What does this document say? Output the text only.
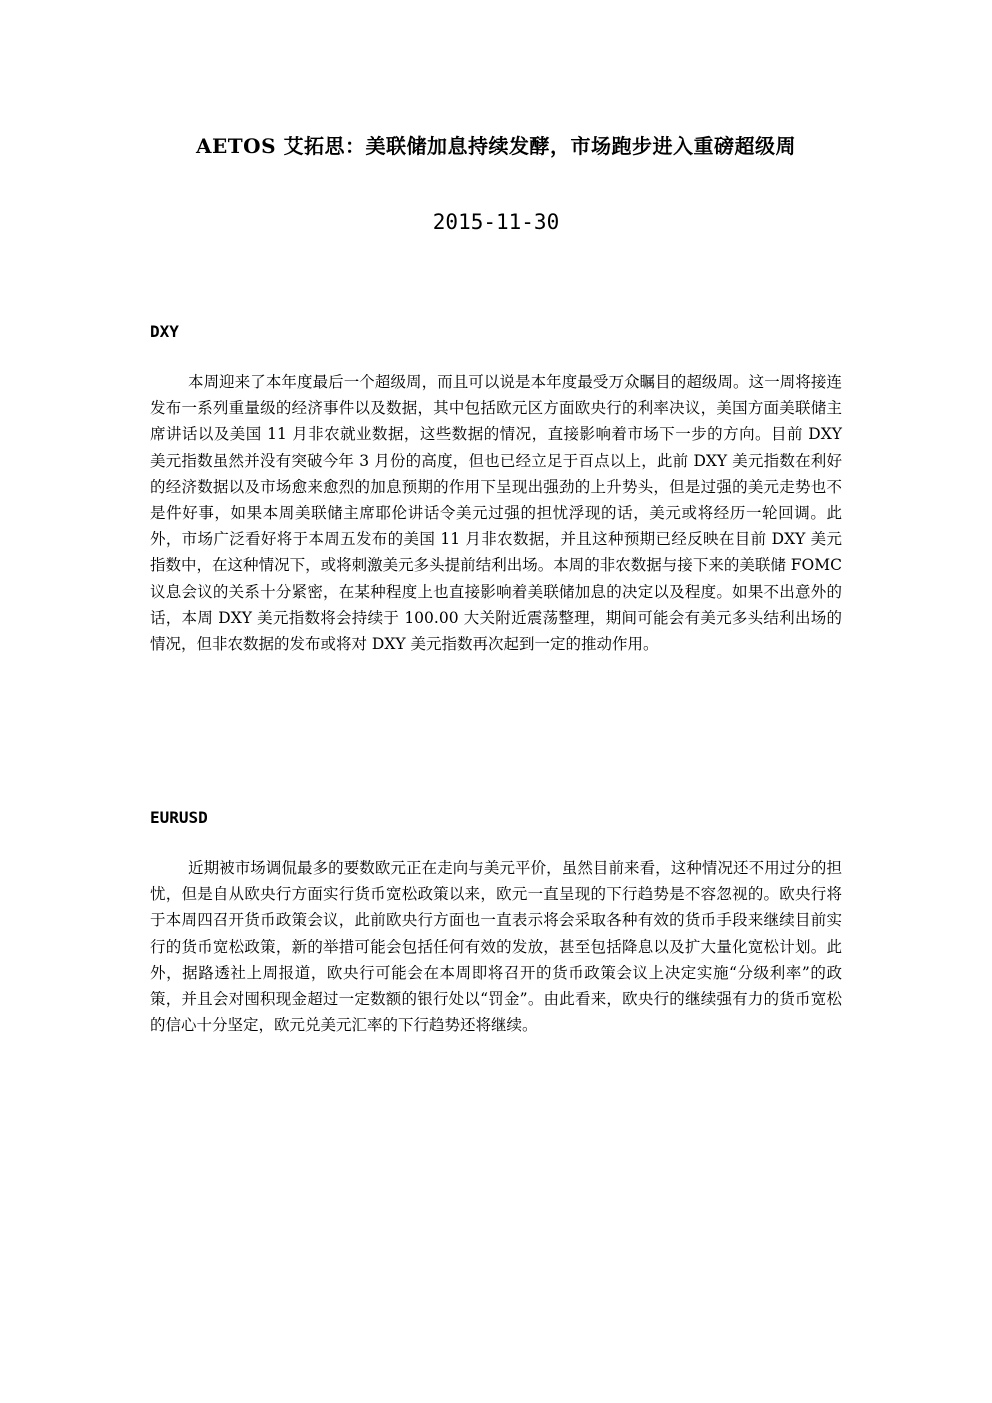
AETOS 艾拓思：美联储加息持续发酵，市场跑步进入重磅超级周
2015-11-30
DXY

本周迎来了本年度最后一个超级周，而且可以说是本年度最受万众瞩目的超级周。这一周将接连发布一系列重量级的经济事件以及数据，其中包括欧元区方面欧央行的利率决议，美国方面美联储主席讲话以及美国 11 月非农就业数据，这些数据的情况，直接影响着市场下一步的方向。目前 DXY 美元指数虽然并没有突破今年 3 月份的高度，但也已经立足于百点以上，此前 DXY 美元指数在利好的经济数据以及市场愈来愈烈的加息预期的作用下呈现出强劲的上升势头，但是过强的美元走势也不是件好事，如果本周美联储主席耶伦讲话令美元过强的担忧浮现的话，美元或将经历一轮回调。此外，市场广泛看好将于本周五发布的美国 11 月非农数据，并且这种预期已经反映在目前 DXY 美元指数中，在这种情况下，或将刺激美元多头提前结利出场。本周的非农数据与接下来的美联储 FOMC 议息会议的关系十分紧密，在某种程度上也直接影响着美联储加息的决定以及程度。如果不出意外的话，本周 DXY 美元指数将会持续于 100.00 大关附近震荡整理，期间可能会有美元多头结利出场的情况，但非农数据的发布或将对 DXY 美元指数再次起到一定的推动作用。

EURUSD

近期被市场调侃最多的要数欧元正在走向与美元平价，虽然目前来看，这种情况还不用过分的担忧，但是自从欧央行方面实行货币宽松政策以来，欧元一直呈现的下行趋势是不容忽视的。欧央行将于本周四召开货币政策会议，此前欧央行方面也一直表示将会采取各种有效的货币手段来继续目前实行的货币宽松政策，新的举措可能会包括任何有效的发放，甚至包括降息以及扩大量化宽松计划。此外，据路透社上周报道，欧央行可能会在本周即将召开的货币政策会议上决定实施“分级利率”的政策，并且会对囤积现金超过一定数额的银行处以“罚金”。由此看来，欧央行的继续强有力的货币宽松的信心十分坚定，欧元兑美元汇率的下行趋势还将继续。
